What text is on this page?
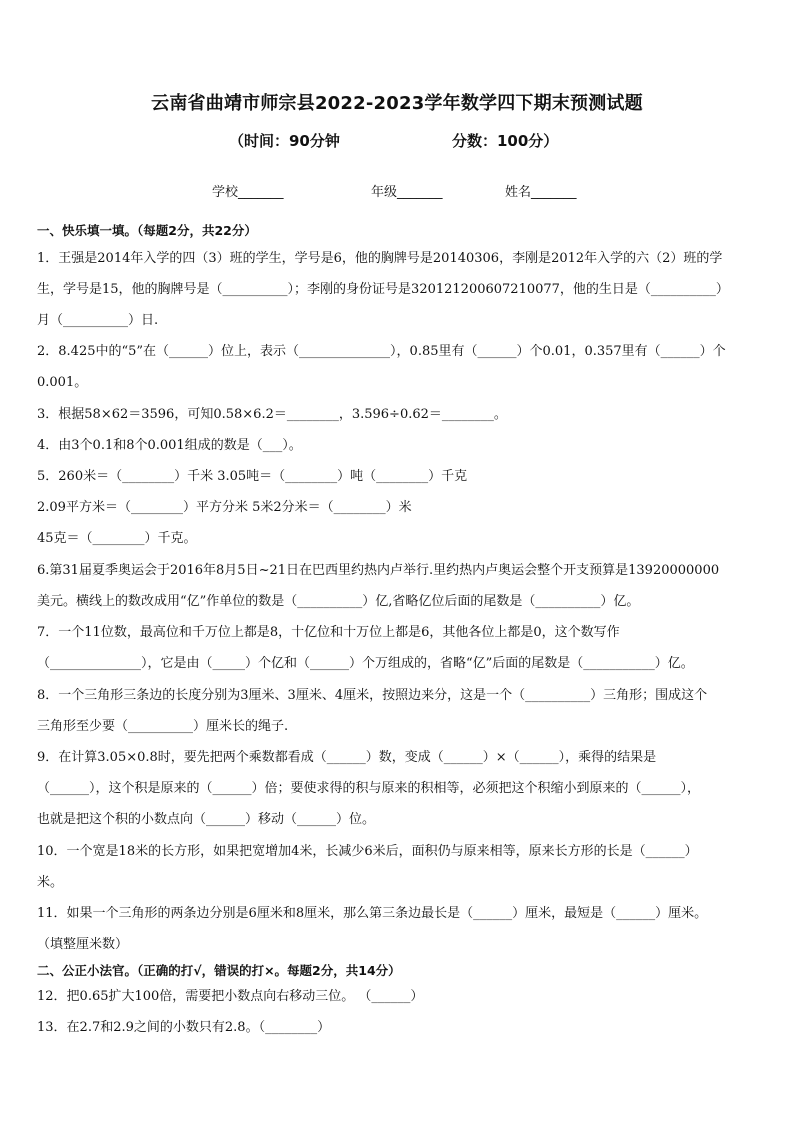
云南省曲靖市师宗县2022-2023学年数学四下期末预测试题
（时间：90分钟	分数：100分）
学校_______	年级_______	姓名_______
一、快乐填一填。（每题2分，共22分）
1．王强是2014年入学的四（3）班的学生，学号是6，他的胸牌号是20140306，李刚是2012年入学的六（2）班的学
生，学号是15，他的胸牌号是（__________）；李刚的身份证号是320121200607210077，他的生日是（__________）
月（__________）日.
2．8.425中的“5”在（______）位上，表示（______________），0.85里有（______）个0.01，0.357里有（______）个
0.001。
3．根据58×62＝3596，可知0.58×6.2＝________，3.596÷0.62＝________。
4．由3个0.1和8个0.001组成的数是（___）。
5．260米＝（________）千米 3.05吨＝（________）吨（________）千克
2.09平方米＝（________）平方分米 5米2分米＝（________）米
45克＝（________）千克。
6.第31届夏季奥运会于2016年8月5日~21日在巴西里约热内卢举行.里约热内卢奥运会整个开支预算是13920000000
美元。横线上的数改成用“亿”作单位的数是（__________）亿,省略亿位后面的尾数是（__________）亿。
7．一个11位数，最高位和千万位上都是8，十亿位和十万位上都是6，其他各位上都是0，这个数写作
（______________），它是由（_____）个亿和（______）个万组成的，省略“亿”后面的尾数是（___________）亿。
8．一个三角形三条边的长度分别为3厘米、3厘米、4厘米，按照边来分，这是一个（__________）三角形；围成这个
三角形至少要（__________）厘米长的绳子.
9．在计算3.05×0.8时，要先把两个乘数都看成（______）数，变成（______）×（______），乘得的结果是
（______），这个积是原来的（______）倍；要使求得的积与原来的积相等，必须把这个积缩小到原来的（______），
也就是把这个积的小数点向（______）移动（______）位。
10．一个宽是18米的长方形，如果把宽增加4米，长减少6米后，面积仍与原来相等，原来长方形的长是（______）
米。
11．如果一个三角形的两条边分别是6厘米和8厘米，那么第三条边最长是（______）厘米，最短是（______）厘米。
（填整厘米数）
二、公正小法官。（正确的打√，错误的打×。每题2分，共14分）
12．把0.65扩大100倍，需要把小数点向右移动三位。 （______）
13．在2.7和2.9之间的小数只有2.8。（________）
